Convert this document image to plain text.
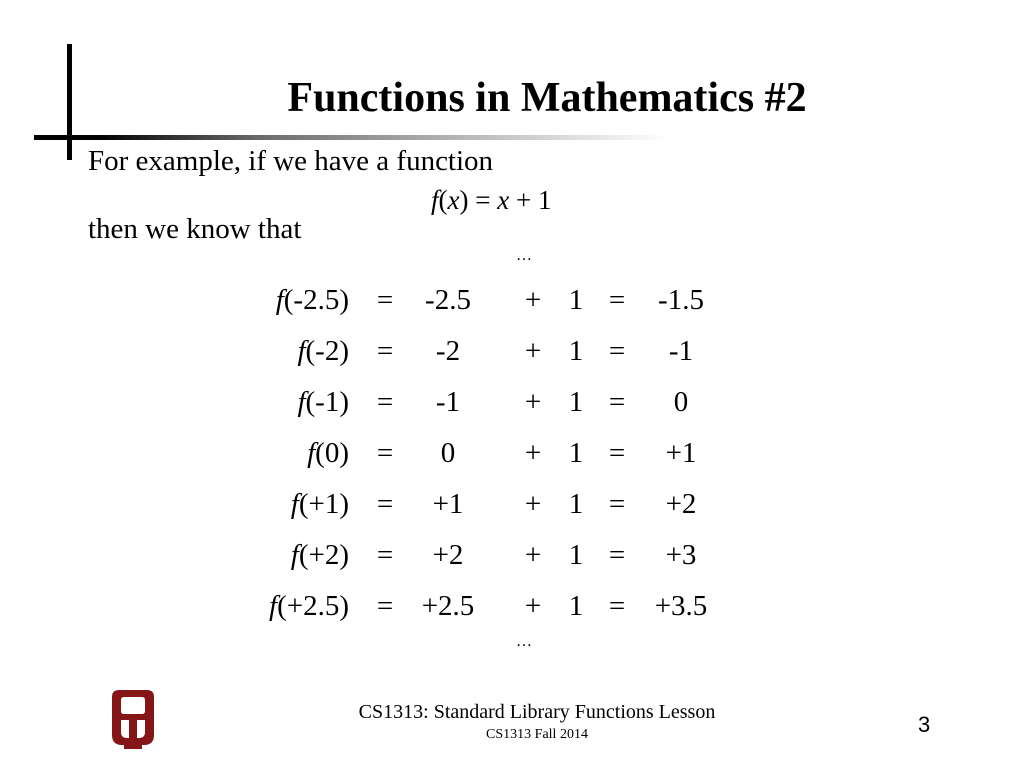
Functions in Mathematics #2
For example, if we have a function
f(x) = x + 1
then we know that
…
f(-2.5) =	-2.5	+ 1 =	-1.5
f(-2) =	-2	+ 1 =	-1
f(-1) =	-1	+ 1 =	0
f(0) =	0	+ 1 =	+1
f(+1) =	+1	+ 1 =	+2
f(+2) =	+2	+ 1 =	+3
f(+2.5) = +2.5 + 1 = +3.5
…
CS1313: Standard Library Functions Lesson
CS1313 Fall 2014	3
